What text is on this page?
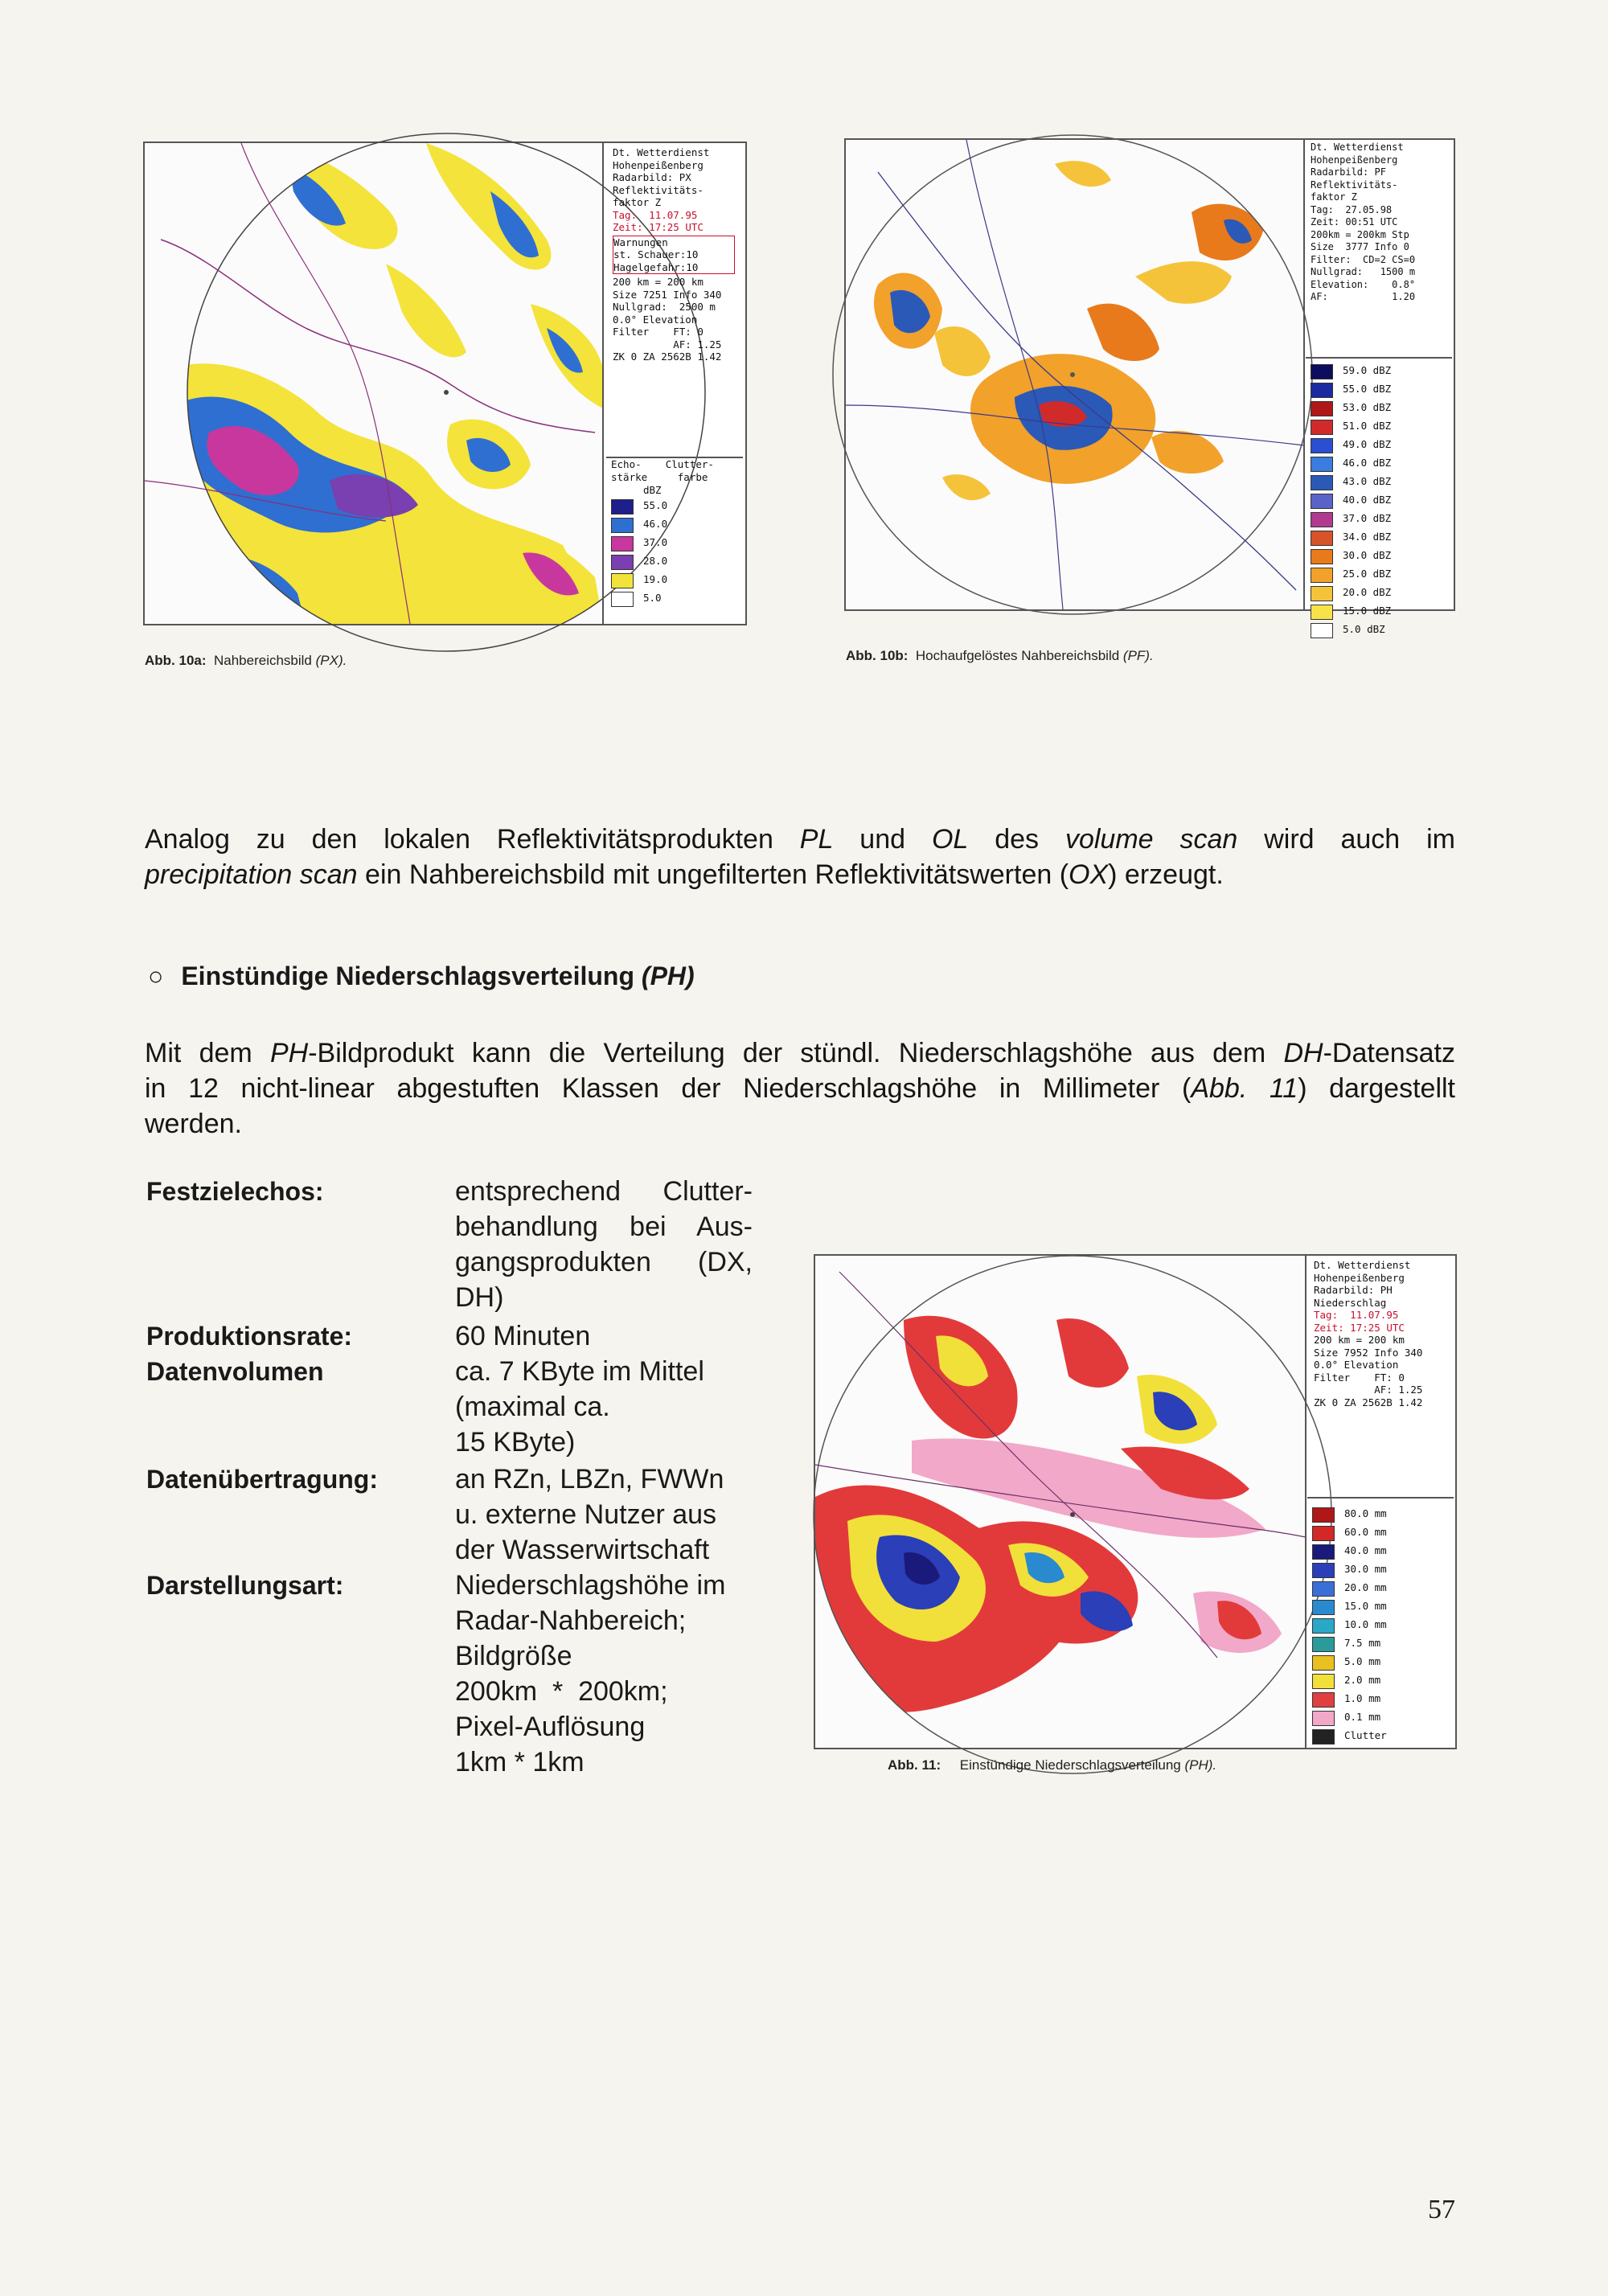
Dt. Wetterdienst
Hohenpeißenberg
Radarbild: PX
Reflektivitäts-
faktor Z
Tag: 11.07.95
Zeit: 17:25 UTC
Warnungen
st. Schauer:10
Hagelgefahr:10
200 km = 200 km
Size 7251 Info 340
Nullgrad:  2500 m
0.0° Elevation
Filter    FT: 0
AF: 1.25
ZK 0 ZA 2562B 1.42
Echo-    Clutter-
stärke     farbe
dBZ
55.0
46.0
37.0
28.0
19.0
5.0
Abb. 10a: Nahbereichsbild (PX).
Dt. Wetterdienst
Hohenpeißenberg
Radarbild: PF
Reflektivitäts-
faktor Z
Tag:  27.05.98
Zeit: 00:51 UTC
200km = 200km Stp
Size  3777 Info 0
Filter:  CD=2 CS=0
Nullgrad:   1500 m
Elevation:    0.8°
AF:           1.20
59.0 dBZ
55.0 dBZ
53.0 dBZ
51.0 dBZ
49.0 dBZ
46.0 dBZ
43.0 dBZ
40.0 dBZ
37.0 dBZ
34.0 dBZ
30.0 dBZ
25.0 dBZ
20.0 dBZ
15.0 dBZ
5.0 dBZ
Abb. 10b: Hochaufgelöstes Nahbereichsbild (PF).
Analog zu den lokalen Reflektivitätsprodukten PL und OL des volume scan wird auch im
precipitation scan ein Nahbereichsbild mit ungefilterten Reflektivitätswerten (OX) erzeugt.
○ Einstündige Niederschlagsverteilung (PH)
Mit dem PH-Bildprodukt kann die Verteilung der stündl. Niederschlagshöhe aus dem DH-Datensatz
in 12 nicht-linear abgestuften Klassen der Niederschlagshöhe in Millimeter (Abb. 11) dargestellt
werden.
Festzielechos:	entsprechend Clutter-
behandlung bei Aus-
gangsprodukten (DX,
DH)
Produktionsrate:	60 Minuten
Datenvolumen	ca. 7 KByte im Mittel
(maximal ca.
15 KByte)
Datenübertragung:	an RZn, LBZn, FWWn
u. externe Nutzer aus
der Wasserwirtschaft
Darstellungsart:	Niederschlagshöhe im
Radar-Nahbereich;
Bildgröße
200km  *  200km;
Pixel-Auflösung
1km * 1km
Dt. Wetterdienst
Hohenpeißenberg
Radarbild: PH
Niederschlag
Tag: 11.07.95
Zeit: 17:25 UTC
200 km = 200 km
Size 7952 Info 340
0.0° Elevation
Filter    FT: 0
AF: 1.25
ZK 0 ZA 2562B 1.42
80.0 mm
60.0 mm
40.0 mm
30.0 mm
20.0 mm
15.0 mm
10.0 mm
7.5 mm
5.0 mm
2.0 mm
1.0 mm
0.1 mm
Clutter
Abb. 11: Einstündige Niederschlagsverteilung (PH).
57
